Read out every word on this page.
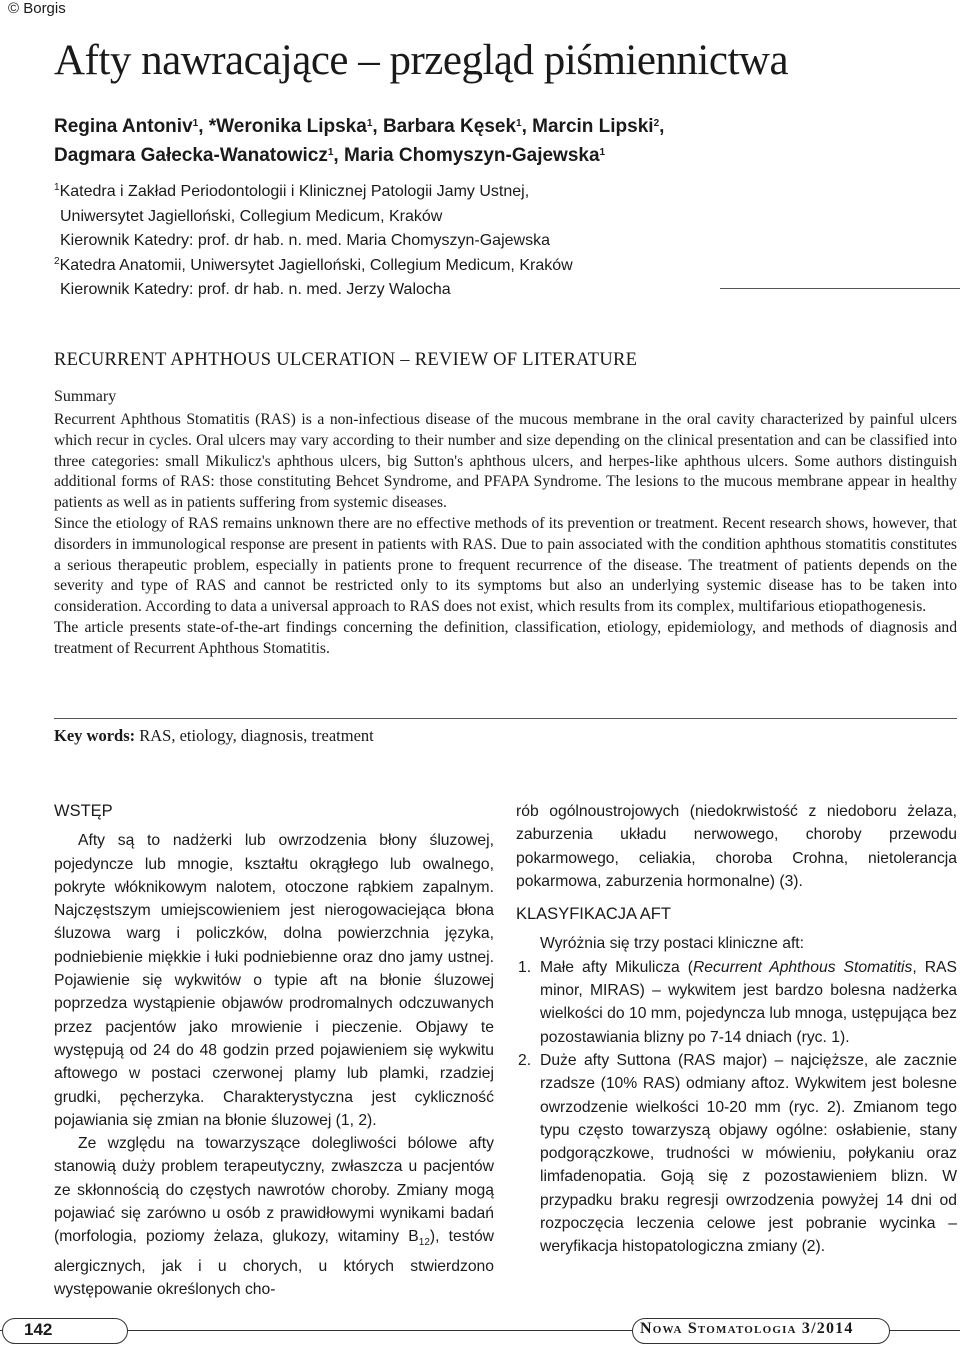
© Borgis
Afty nawracające – przegląd piśmiennictwa
Regina Antoniv$^1$, *Weronika Lipska$^1$, Barbara Kęsek$^1$, Marcin Lipski$^2$,
Dagmara Gałecka-Wanatowicz$^1$, Maria Chomyszyn-Gajewska$^1$
$^1$Katedra i Zakład Periodontologii i Klinicznej Patologii Jamy Ustnej,
Uniwersytet Jagielloński, Collegium Medicum, Kraków
Kierownik Katedry: prof. dr hab. n. med. Maria Chomyszyn-Gajewska
$^2$Katedra Anatomii, Uniwersytet Jagielloński, Collegium Medicum, Kraków
Kierownik Katedry: prof. dr hab. n. med. Jerzy Walocha
RECURRENT APHTHOUS ULCERATION – REVIEW OF LITERATURE
Summary

Recurrent Aphthous Stomatitis (RAS) is a non-infectious disease of the mucous membrane in the oral cavity characterized by painful ulcers which recur in cycles. Oral ulcers may vary according to their number and size depending on the clinical presentation and can be classified into three categories: small Mikulicz's aphthous ulcers, big Sutton's aphthous ulcers, and herpes-like aphthous ulcers. Some authors distinguish additional forms of RAS: those constituting Behcet Syndrome, and PFAPA Syndrome. The lesions to the mucous membrane appear in healthy patients as well as in patients suffering from systemic diseases.

Since the etiology of RAS remains unknown there are no effective methods of its prevention or treatment. Recent research shows, however, that disorders in immunological response are present in patients with RAS. Due to pain associated with the condition aphthous stomatitis constitutes a serious therapeutic problem, especially in patients prone to frequent recurrence of the disease. The treatment of patients depends on the severity and type of RAS and cannot be restricted only to its symptoms but also an underlying systemic disease has to be taken into consideration. According to data a universal approach to RAS does not exist, which results from its complex, multifarious etiopathogenesis.

The article presents state-of-the-art findings concerning the definition, classification, etiology, epidemiology, and methods of diagnosis and treatment of Recurrent Aphthous Stomatitis.

Key words: RAS, etiology, diagnosis, treatment
WSTĘP

Afty są to nadżerki lub owrzodzenia błony śluzowej, pojedyncze lub mnogie, kształtu okrągłego lub owalnego, pokryte włóknikowym nalotem, otoczone rąbkiem zapalnym. Najczęstszym umiejscowieniem jest nierogowaciejąca błona śluzowa warg i policzków, dolna powierzchnia języka, podniebienie miękkie i łuki podniebienne oraz dno jamy ustnej. Pojawienie się wykwitów o typie aft na błonie śluzowej poprzedza wystąpienie objawów prodromalnych odczuwanych przez pacjentów jako mrowienie i pieczenie. Objawy te występują od 24 do 48 godzin przed pojawieniem się wykwitu aftowego w postaci czerwonej plamy lub plamki, rzadziej grudki, pęcherzyka. Charakterystyczna jest cykliczność pojawiania się zmian na błonie śluzowej (1, 2).

Ze względu na towarzyszące dolegliwości bólowe afty stanowią duży problem terapeutyczny, zwłaszcza u pacjentów ze skłonnością do częstych nawrotów choroby. Zmiany mogą pojawiać się zarówno u osób z prawidłowymi wynikami badań (morfologia, poziomy żelaza, glukozy, witaminy $B_{12}$), testów alergicznych, jak i u chorych, u których stwierdzono występowanie określonych cho-

rób ogólnoustrojowych (niedokrwistość z niedoboru żelaza, zaburzenia układu nerwowego, choroby przewodu pokarmowego, celiakia, choroba Crohna, nietolerancja pokarmowa, zaburzenia hormonalne) (3).

KLASYFIKACJA AFT

Wyróżnia się trzy postaci kliniczne aft:

1. Małe afty Mikulicza (Recurrent Aphthous Stomatitis, RAS minor, MIRAS) – wykwitem jest bardzo bolesna nadżerka wielkości do 10 mm, pojedyncza lub mnoga, ustępująca bez pozostawiania blizny po 7-14 dniach (ryc. 1).
2. Duże afty Suttona (RAS major) – najcięższe, ale zacznie rzadsze (10% RAS) odmiany aftoz. Wykwitem jest bolesne owrzodzenie wielkości 10-20 mm (ryc. 2). Zmianom tego typu często towarzyszą objawy ogólne: osłabienie, stany podgorączkowe, trudności w mówieniu, połykaniu oraz limfadenopatia. Goją się z pozostawieniem blizn. W przypadku braku regresji owrzodzenia powyżej 14 dni od rozpoczęcia leczenia celowe jest pobranie wycinka – weryfikacja histopatologiczna zmiany (2).
142	Nowa Stomatologia 3/2014
